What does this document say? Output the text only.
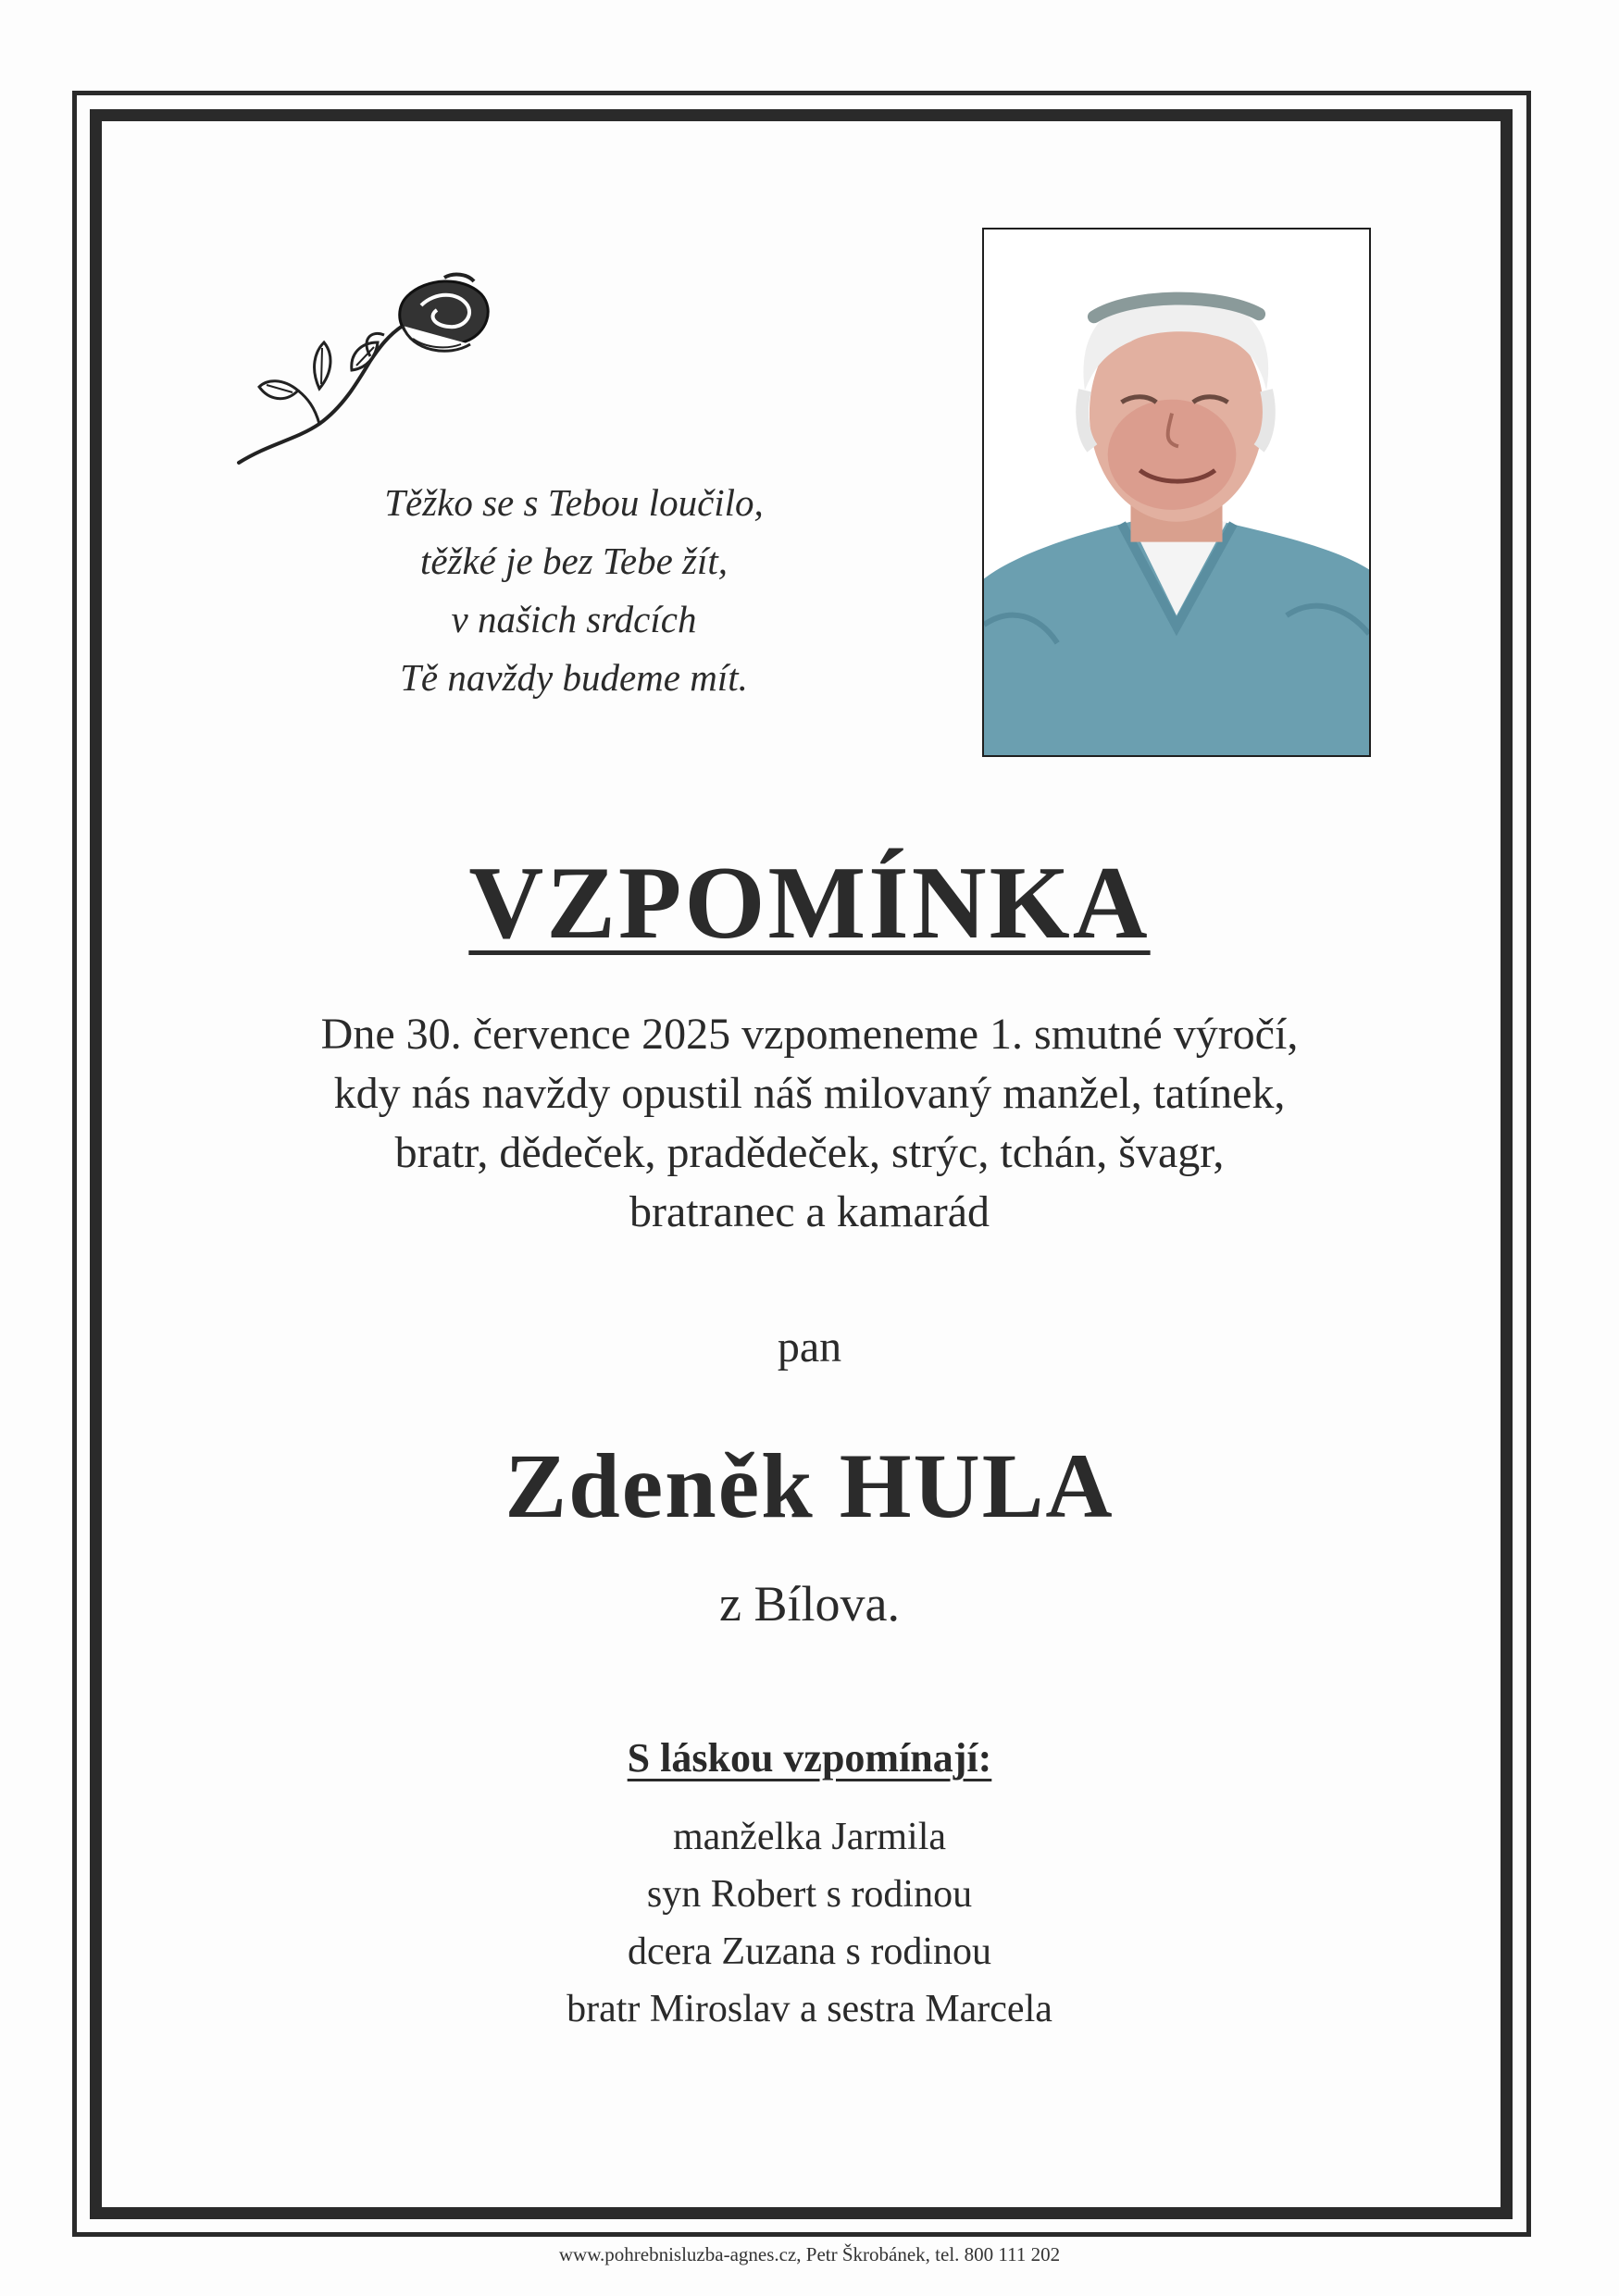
Těžko se s Tebou loučilo,
těžké je bez Tebe žít,
v našich srdcích
Tě navždy budeme mít.
VZPOMÍNKA
Dne 30. července 2025 vzpomeneme 1. smutné výročí,
kdy nás navždy opustil náš milovaný manžel, tatínek,
bratr, dědeček, pradědeček, strýc, tchán, švagr,
bratranec a kamarád
pan
Zdeněk HULA
z Bílova.
S láskou vzpomínají:
manželka Jarmila
syn Robert s rodinou
dcera Zuzana s rodinou
bratr Miroslav a sestra Marcela
www.pohrebnisluzba-agnes.cz, Petr Škrobánek, tel. 800 111 202
